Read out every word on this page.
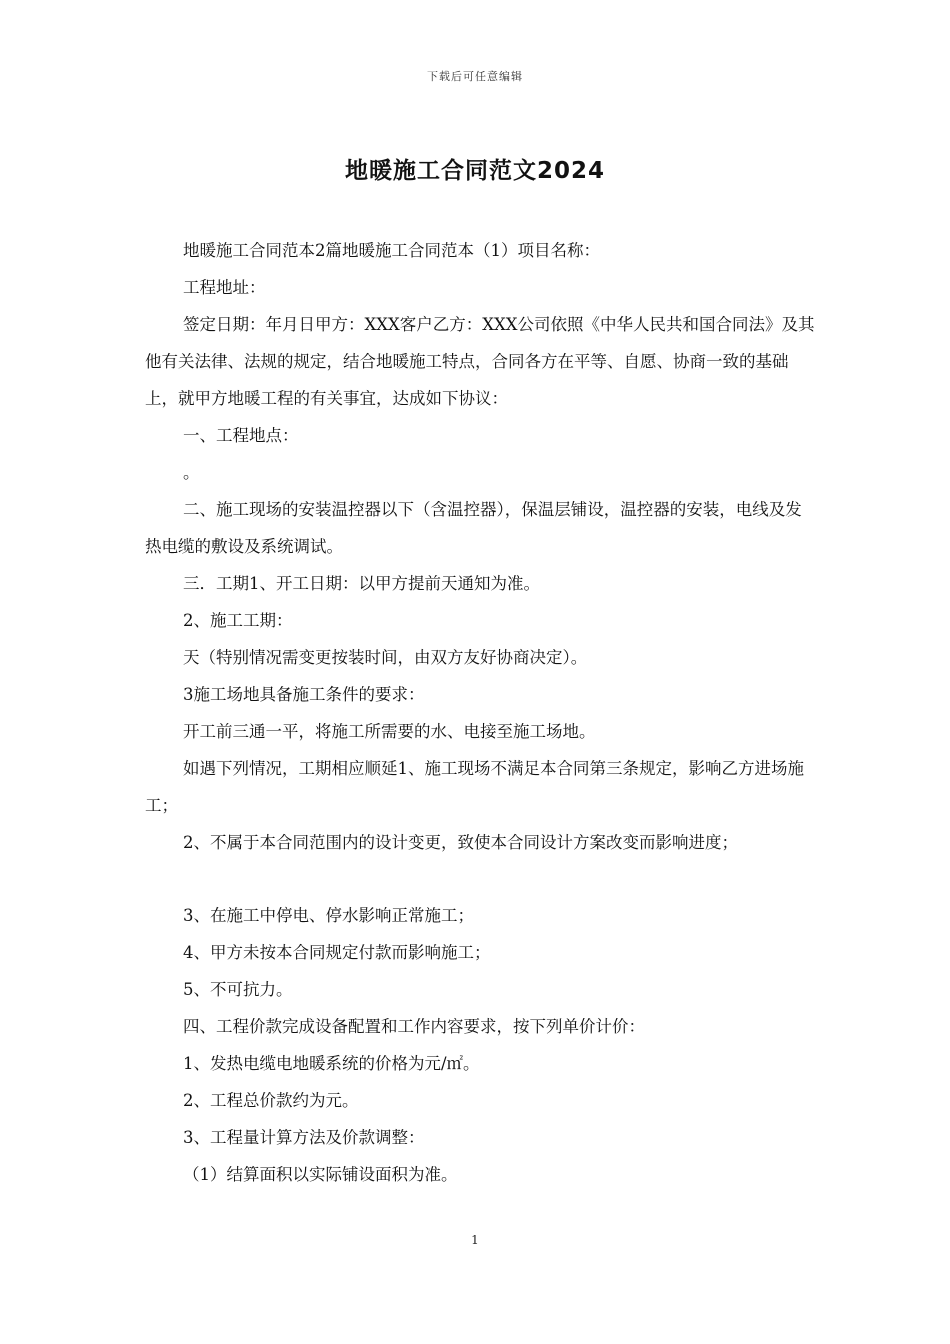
下载后可任意编辑
地暖施工合同范文2024

地暖施工合同范本2篇地暖施工合同范本（1）项目名称：

工程地址：

签定日期：年月日甲方：XXX客户乙方：XXX公司依照《中华人民共和国合同法》及其他有关法律、法规的规定，结合地暖施工特点，合同各方在平等、自愿、协商一致的基础上，就甲方地暖工程的有关事宜，达成如下协议：

一、工程地点：

。

二、施工现场的安装温控器以下（含温控器），保温层铺设，温控器的安装，电线及发热电缆的敷设及系统调试。

三．工期1、开工日期：以甲方提前天通知为准。

2、施工工期：

天（特别情况需变更按装时间，由双方友好协商决定）。

3施工场地具备施工条件的要求：

开工前三通一平，将施工所需要的水、电接至施工场地。

如遇下列情况，工期相应顺延1、施工现场不满足本合同第三条规定，影响乙方进场施工；

2、不属于本合同范围内的设计变更，致使本合同设计方案改变而影响进度；

3、在施工中停电、停水影响正常施工；

4、甲方未按本合同规定付款而影响施工；

5、不可抗力。

四、工程价款完成设备配置和工作内容要求，按下列单价计价：

1、发热电缆电地暖系统的价格为元/㎡。

2、工程总价款约为元。

3、工程量计算方法及价款调整：

（1）结算面积以实际铺设面积为准。

1
